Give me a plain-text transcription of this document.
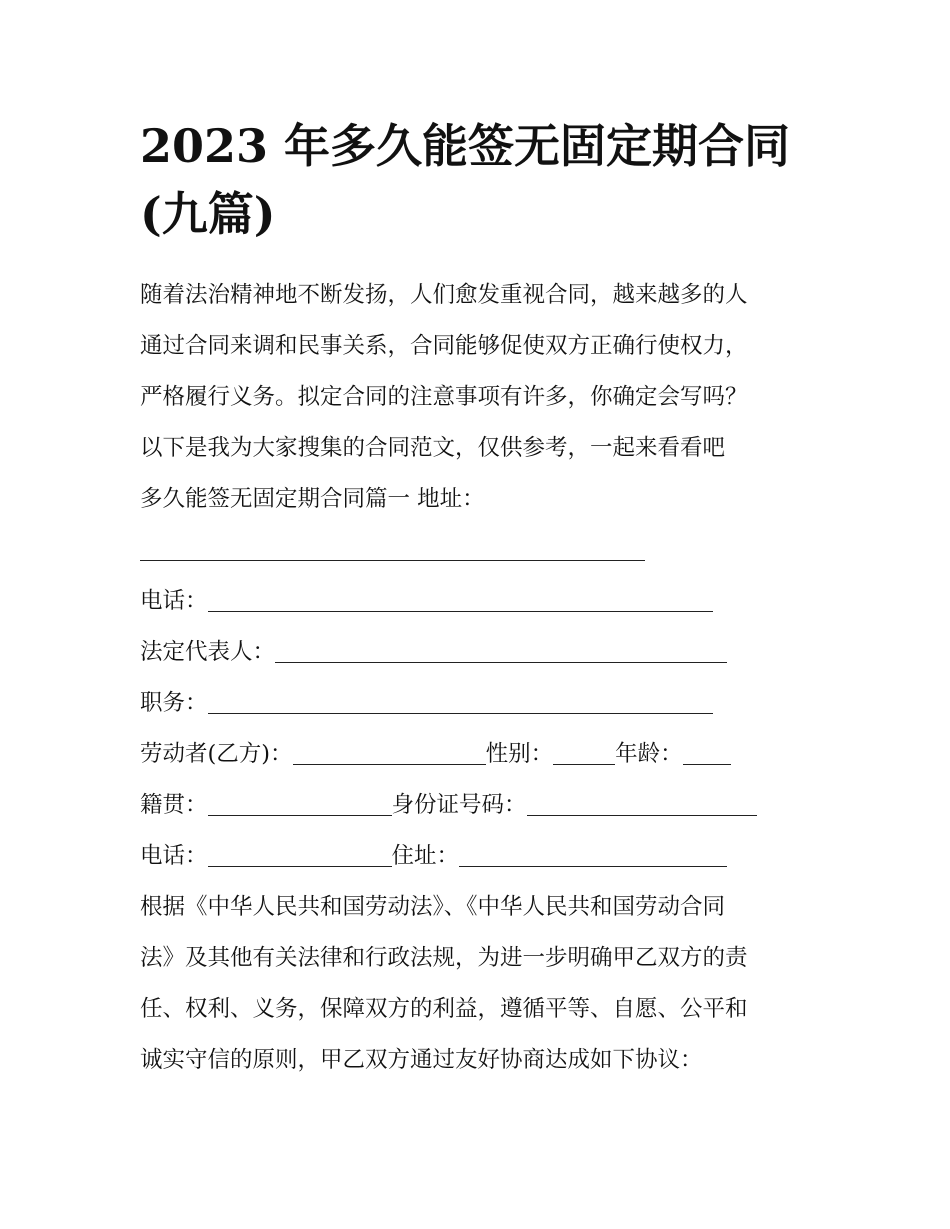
2023 年多久能签无固定期合同
(九篇)
随着法治精神地不断发扬，人们愈发重视合同，越来越多的人
通过合同来调和民事关系，合同能够促使双方正确行使权力，
严格履行义务。拟定合同的注意事项有许多，你确定会写吗？
以下是我为大家搜集的合同范文，仅供参考，一起来看看吧
多久能签无固定期合同篇一 地址：
电话：
法定代表人：
职务：
劳动者(乙方)：	性别：	年龄：
籍贯：	身份证号码：
电话：	住址：
根据《中华人民共和国劳动法》、《中华人民共和国劳动合同
法》及其他有关法律和行政法规，为进一步明确甲乙双方的责
任、权利、义务，保障双方的利益，遵循平等、自愿、公平和
诚实守信的原则，甲乙双方通过友好协商达成如下协议：
